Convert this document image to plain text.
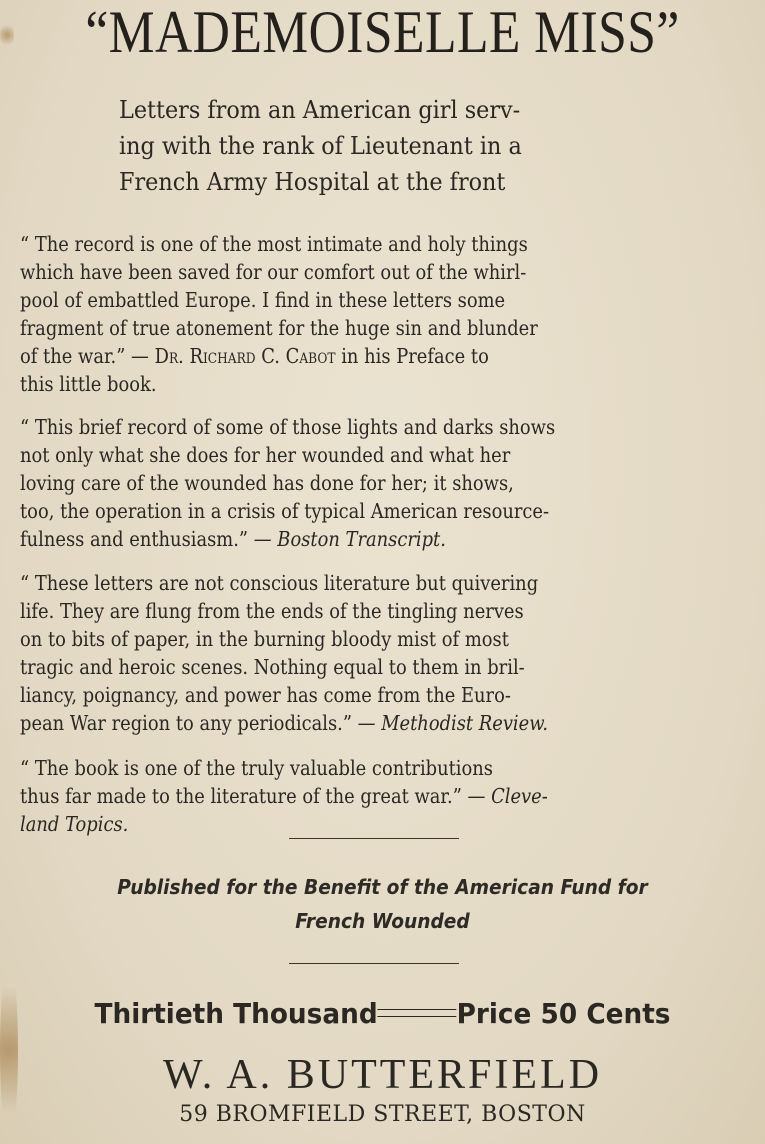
“MADEMOISELLE MISS”
Letters from an American girl serv-
ing with the rank of Lieutenant in a
French Army Hospital at the front
“ The record is one of the most intimate and holy things
which have been saved for our comfort out of the whirl-
pool of embattled Europe. I find in these letters some
fragment of true atonement for the huge sin and blunder
of the war.” — Dr. Richard C. Cabot in his Preface to
this little book.
“ This brief record of some of those lights and darks shows
not only what she does for her wounded and what her
loving care of the wounded has done for her; it shows,
too, the operation in a crisis of typical American resource-
fulness and enthusiasm.” — Boston Transcript.
“ These letters are not conscious literature but quivering
life. They are flung from the ends of the tingling nerves
on to bits of paper, in the burning bloody mist of most
tragic and heroic scenes. Nothing equal to them in bril-
liancy, poignancy, and power has come from the Euro-
pean War region to any periodicals.” — Methodist Review.
“ The book is one of the truly valuable contributions
thus far made to the literature of the great war.” — Cleve-
land Topics.
Published for the Benefit of the American Fund for
French Wounded
Thirtieth Thousand	Price 50 Cents
W. A. BUTTERFIELD
59 BROMFIELD STREET, BOSTON
